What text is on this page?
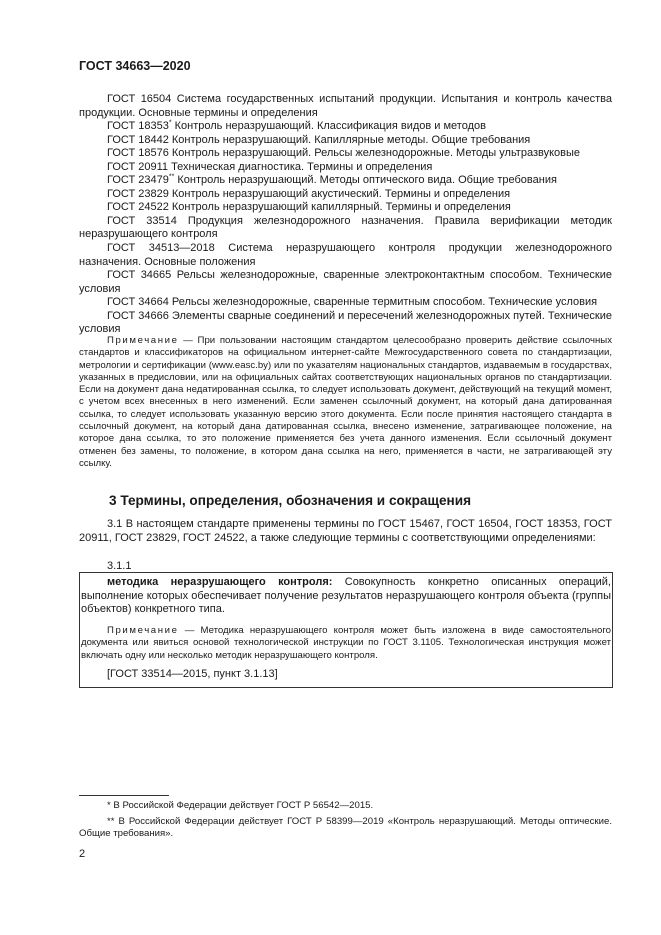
ГОСТ 34663—2020

ГОСТ 16504 Система государственных испытаний продукции. Испытания и контроль качества продукции. Основные термины и определения

ГОСТ 18353* Контроль неразрушающий. Классификация видов и методов

ГОСТ 18442 Контроль неразрушающий. Капиллярные методы. Общие требования

ГОСТ 18576 Контроль неразрушающий. Рельсы железнодорожные. Методы ультразвуковые

ГОСТ 20911 Техническая диагностика. Термины и определения

ГОСТ 23479** Контроль неразрушающий. Методы оптического вида. Общие требования

ГОСТ 23829 Контроль неразрушающий акустический. Термины и определения

ГОСТ 24522 Контроль неразрушающий капиллярный. Термины и определения

ГОСТ 33514 Продукция железнодорожного назначения. Правила верификации методик неразрушающего контроля

ГОСТ 34513—2018 Система неразрушающего контроля продукции железнодорожного назначения. Основные положения

ГОСТ 34665 Рельсы железнодорожные, сваренные электроконтактным способом. Технические условия

ГОСТ 34664 Рельсы железнодорожные, сваренные термитным способом. Технические условия

ГОСТ 34666 Элементы сварные соединений и пересечений железнодорожных путей. Технические условия

Примечание — При пользовании настоящим стандартом целесообразно проверить действие ссылочных стандартов и классификаторов на официальном интернет-сайте Межгосударственного совета по стандартизации, метрологии и сертификации (www.easc.by) или по указателям национальных стандартов, издаваемым в государствах, указанных в предисловии, или на официальных сайтах соответствующих национальных органов по стандартизации. Если на документ дана недатированная ссылка, то следует использовать документ, действующий на текущий момент, с учетом всех внесенных в него изменений. Если заменен ссылочный документ, на который дана датированная ссылка, то следует использовать указанную версию этого документа. Если после принятия настоящего стандарта в ссылочный документ, на который дана датированная ссылка, внесено изменение, затрагивающее положение, на которое дана ссылка, то это положение применяется без учета данного изменения. Если ссылочный документ отменен без замены, то положение, в котором дана ссылка на него, применяется в части, не затрагивающей эту ссылку.

3 Термины, определения, обозначения и сокращения

3.1 В настоящем стандарте применены термины по ГОСТ 15467, ГОСТ 16504, ГОСТ 18353, ГОСТ 20911, ГОСТ 23829, ГОСТ 24522, а также следующие термины с соответствующими определениями:

3.1.1

методика неразрушающего контроля: Совокупность конкретно описанных операций, выполнение которых обеспечивает получение результатов неразрушающего контроля объекта (группы объектов) конкретного типа.

Примечание — Методика неразрушающего контроля может быть изложена в виде самостоятельного документа или явиться основой технологической инструкции по ГОСТ 3.1105. Технологическая инструкция может включать одну или несколько методик неразрушающего контроля.

[ГОСТ 33514—2015, пункт 3.1.13]

* В Российской Федерации действует ГОСТ Р 56542—2015.

** В Российской Федерации действует ГОСТ Р 58399—2019 «Контроль неразрушающий. Методы оптические. Общие требования».

2
